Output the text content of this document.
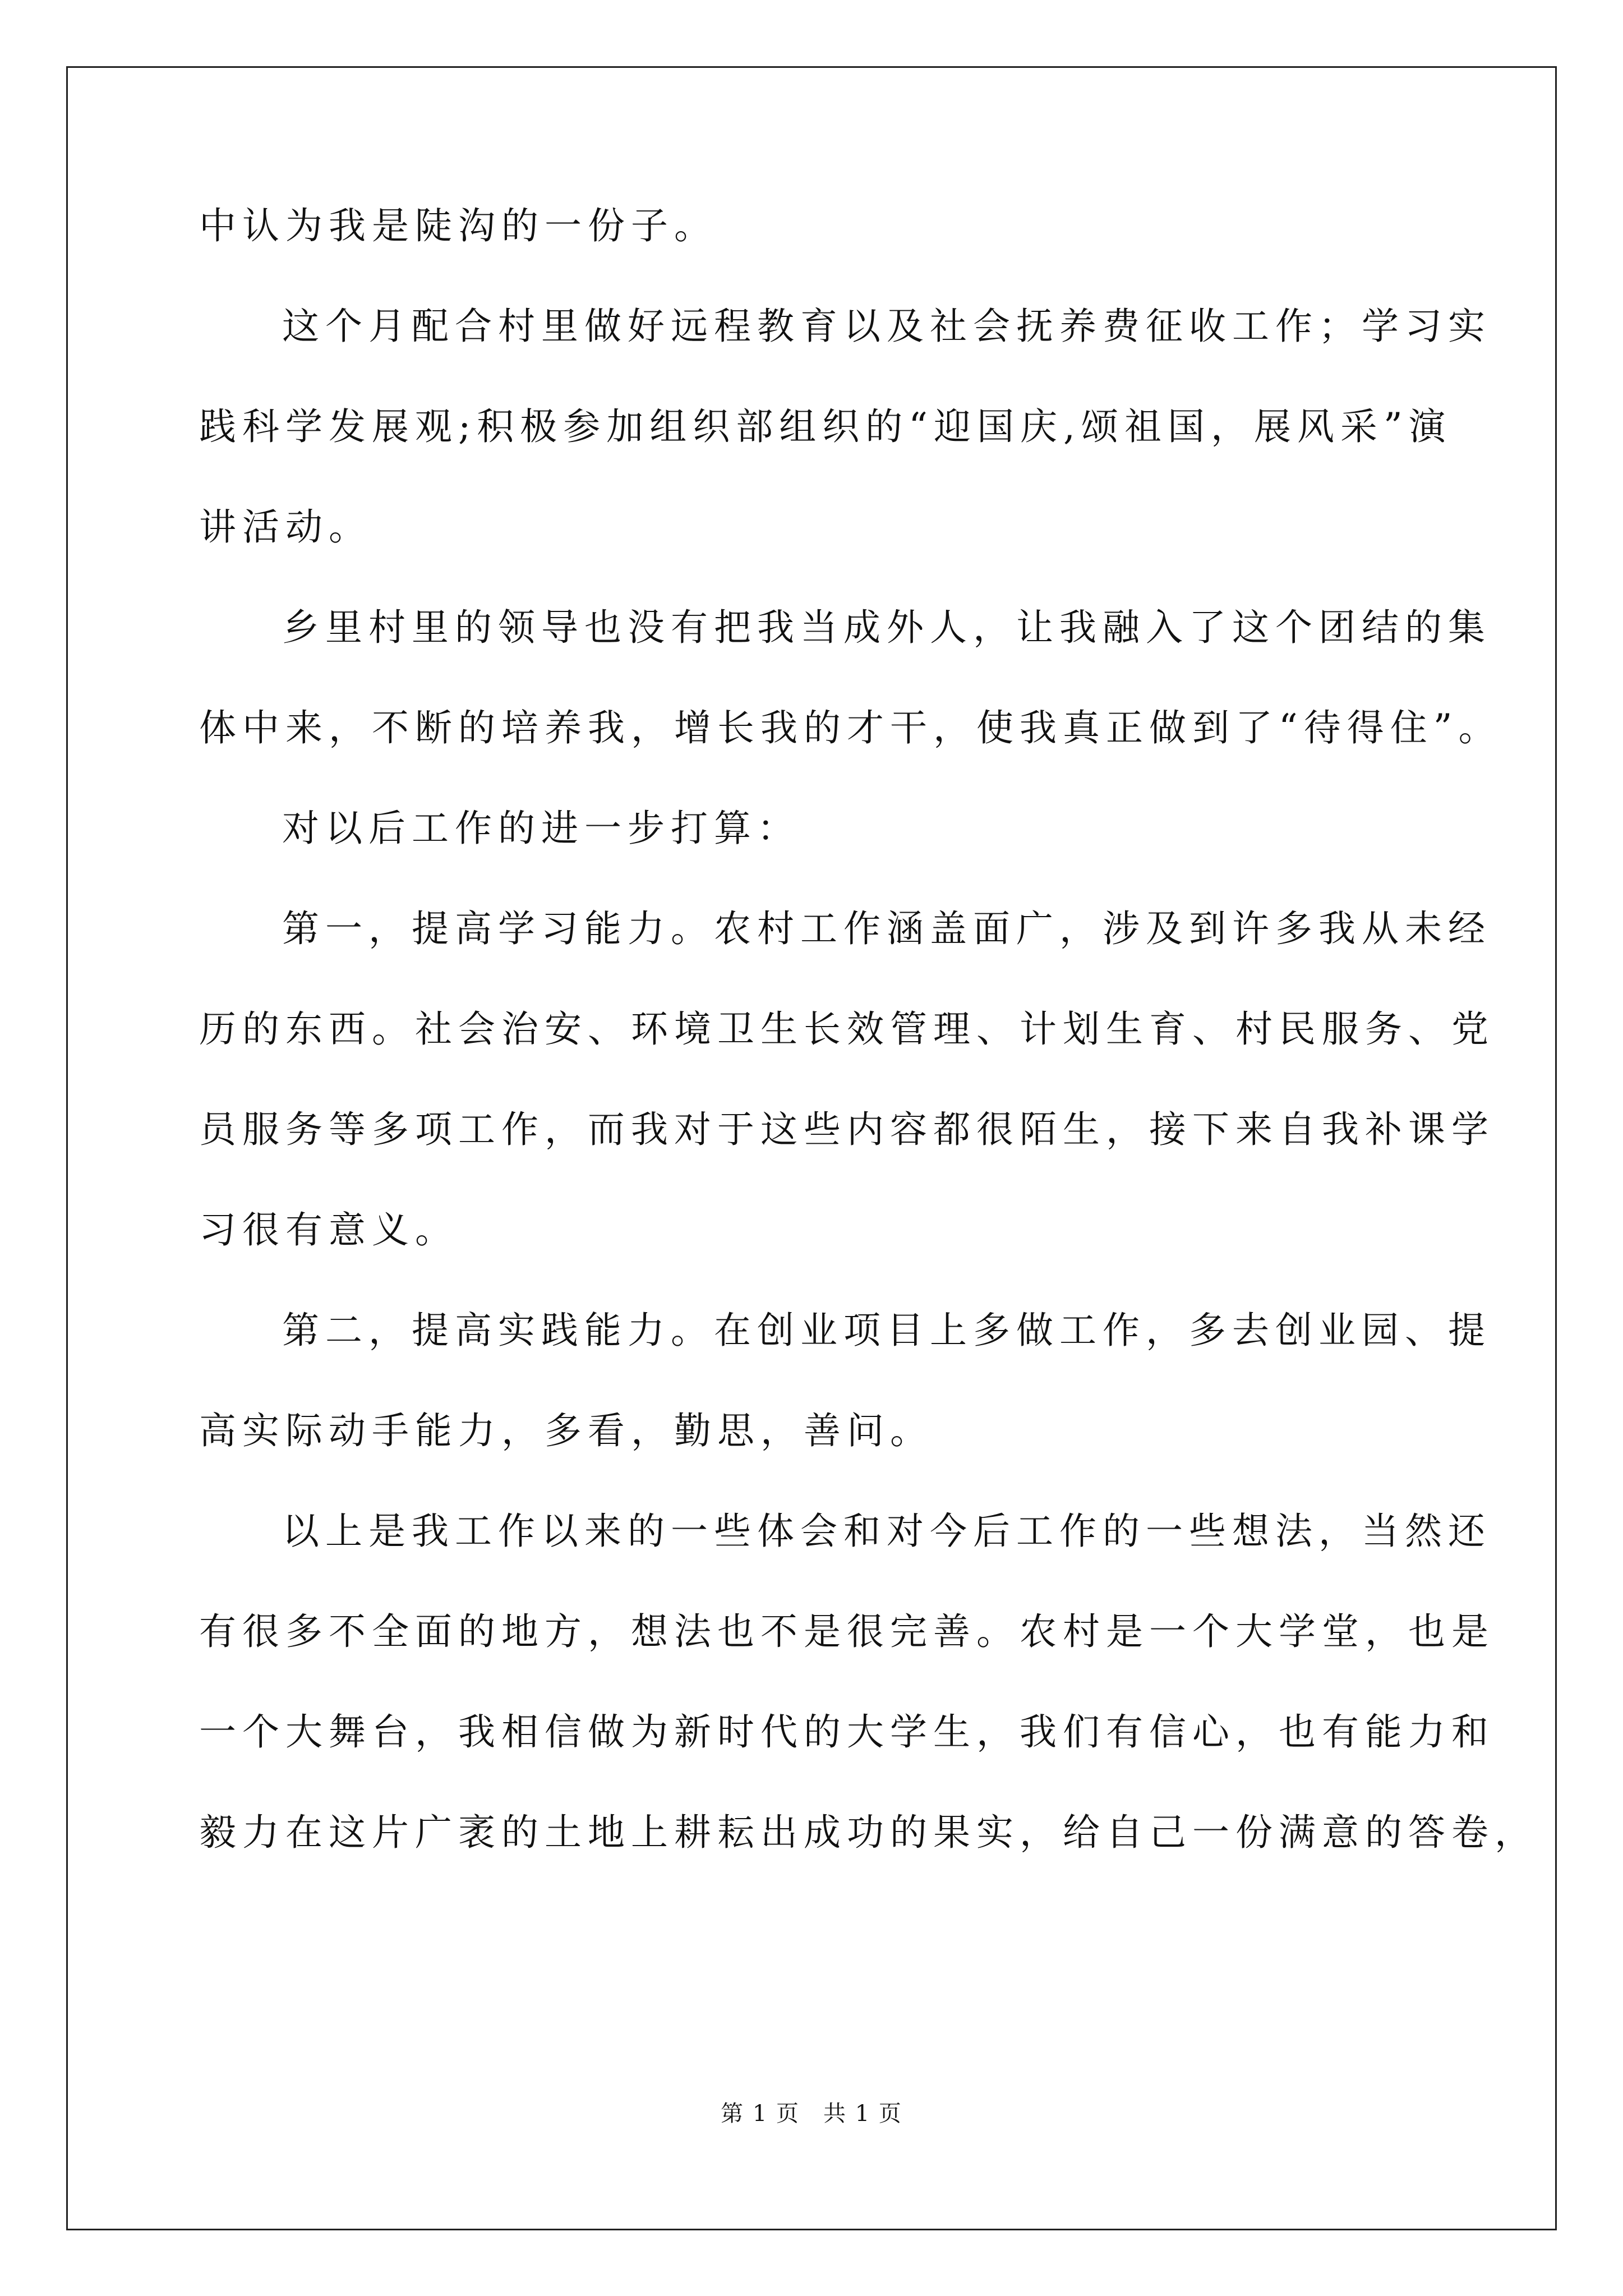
中认为我是陡沟的一份子。
这个月配合村里做好远程教育以及社会抚养费征收工作；学习实
践科学发展观;积极参加组织部组织的“迎国庆,颂祖国，展风采”演
讲活动。
乡里村里的领导也没有把我当成外人，让我融入了这个团结的集
体中来，不断的培养我，增长我的才干，使我真正做到了“待得住”。
对以后工作的进一步打算：
第一，提高学习能力。农村工作涵盖面广，涉及到许多我从未经
历的东西。社会治安、环境卫生长效管理、计划生育、村民服务、党
员服务等多项工作，而我对于这些内容都很陌生，接下来自我补课学
习很有意义。
第二，提高实践能力。在创业项目上多做工作，多去创业园、提
高实际动手能力，多看，勤思，善问。
以上是我工作以来的一些体会和对今后工作的一些想法，当然还
有很多不全面的地方，想法也不是很完善。农村是一个大学堂，也是
一个大舞台，我相信做为新时代的大学生，我们有信心，也有能力和
毅力在这片广袤的土地上耕耘出成功的果实，给自己一份满意的答卷，
第 1 页　共 1 页
